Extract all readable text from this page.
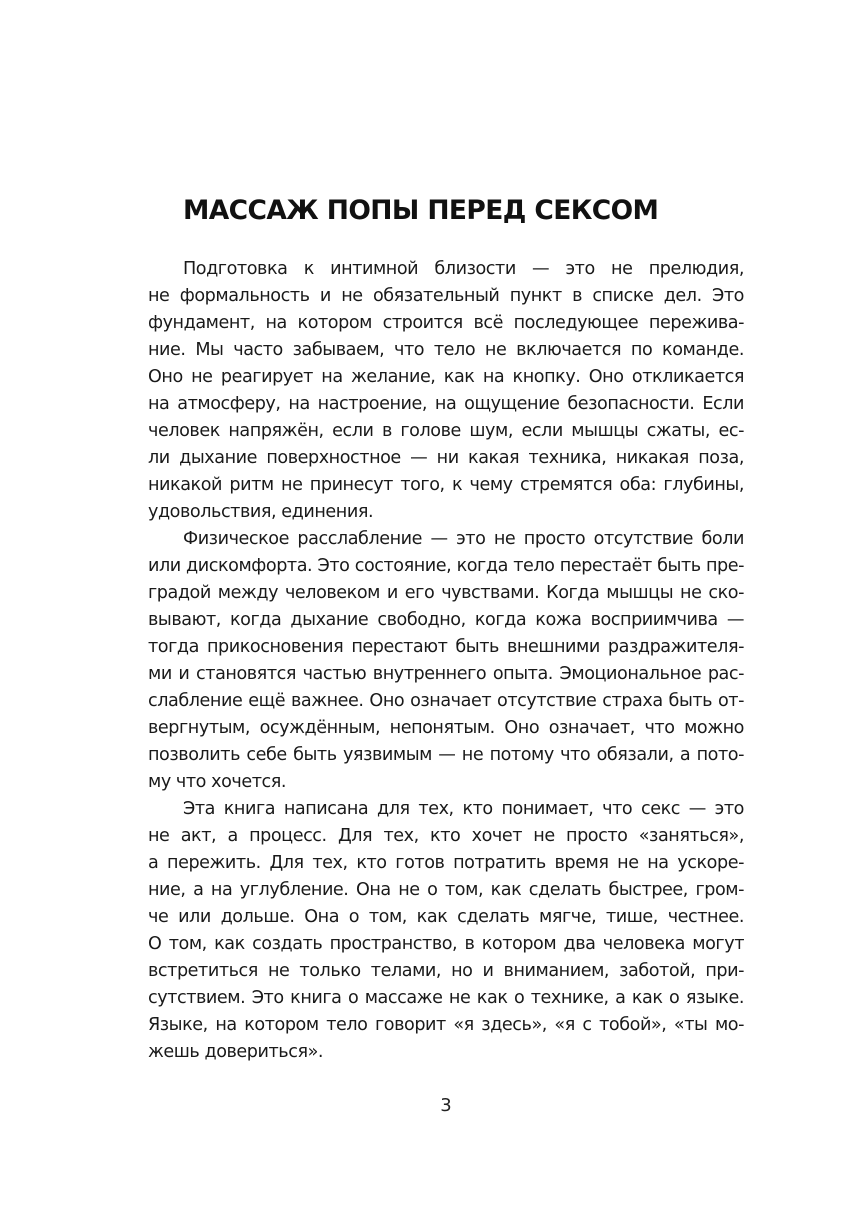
МАССАЖ ПОПЫ ПЕРЕД СЕКСОМ
Подготовка к интимной близости — это не прелюдия,
не формальность и не обязательный пункт в списке дел. Это
фундамент, на котором строится всё последующее пережива-
ние. Мы часто забываем, что тело не включается по команде.
Оно не реагирует на желание, как на кнопку. Оно откликается
на атмосферу, на настроение, на ощущение безопасности. Если
человек напряжён, если в голове шум, если мышцы сжаты, ес-
ли дыхание поверхностное — ни какая техника, никакая поза,
никакой ритм не принесут того, к чему стремятся оба: глубины,
удовольствия, единения.
Физическое расслабление — это не просто отсутствие боли
или дискомфорта. Это состояние, когда тело перестаёт быть пре-
градой между человеком и его чувствами. Когда мышцы не ско-
вывают, когда дыхание свободно, когда кожа восприимчива —
тогда прикосновения перестают быть внешними раздражителя-
ми и становятся частью внутреннего опыта. Эмоциональное рас-
слабление ещё важнее. Оно означает отсутствие страха быть от-
вергнутым, осуждённым, непонятым. Оно означает, что можно
позволить себе быть уязвимым — не потому что обязали, а пото-
му что хочется.
Эта книга написана для тех, кто понимает, что секс — это
не акт, а процесс. Для тех, кто хочет не просто «заняться»,
а пережить. Для тех, кто готов потратить время не на ускоре-
ние, а на углубление. Она не о том, как сделать быстрее, гром-
че или дольше. Она о том, как сделать мягче, тише, честнее.
О том, как создать пространство, в котором два человека могут
встретиться не только телами, но и вниманием, заботой, при-
сутствием. Это книга о массаже не как о технике, а как о языке.
Языке, на котором тело говорит «я здесь», «я с тобой», «ты мо-
жешь довериться».
3
